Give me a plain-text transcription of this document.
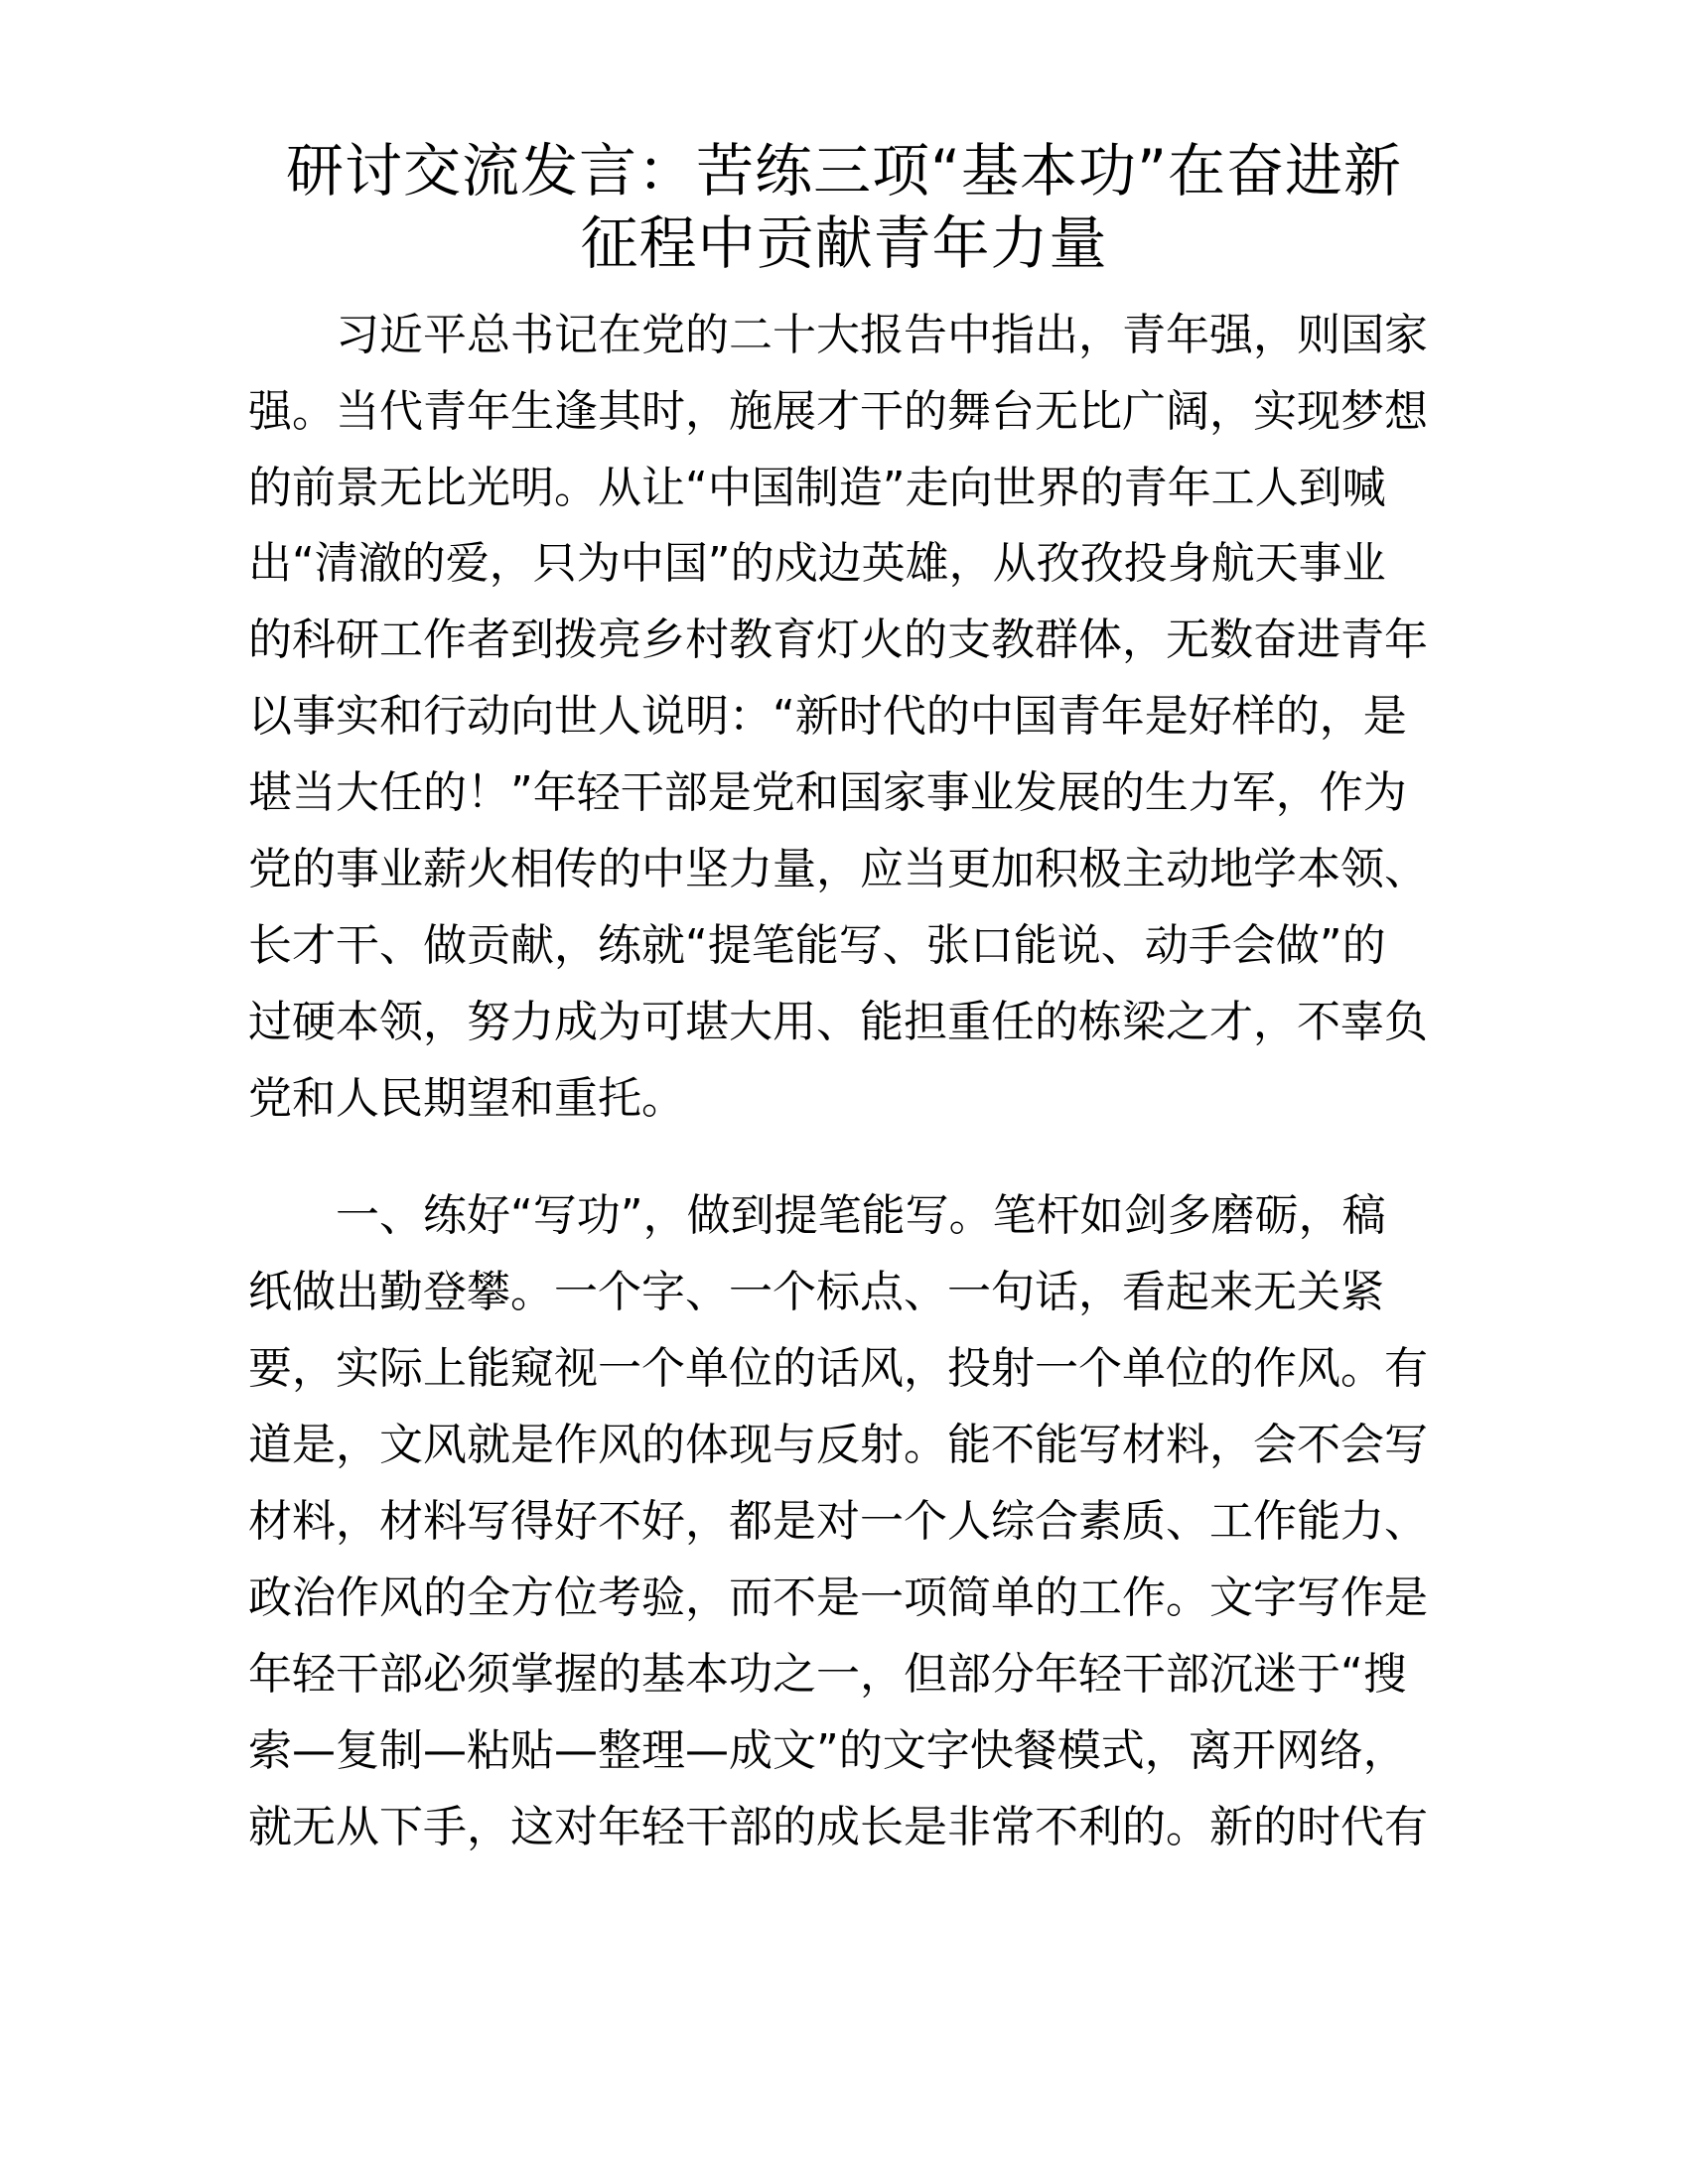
研讨交流发言：苦练三项“基本功”在奋进新
征程中贡献青年力量
习近平总书记在党的二十大报告中指出，青年强，则国家
强。当代青年生逢其时，施展才干的舞台无比广阔，实现梦想
的前景无比光明。从让“中国制造”走向世界的青年工人到喊
出“清澈的爱，只为中国”的戍边英雄，从孜孜投身航天事业
的科研工作者到拨亮乡村教育灯火的支教群体，无数奋进青年
以事实和行动向世人说明：“新时代的中国青年是好样的，是
堪当大任的！”年轻干部是党和国家事业发展的生力军，作为
党的事业薪火相传的中坚力量，应当更加积极主动地学本领、
长才干、做贡献，练就“提笔能写、张口能说、动手会做”的
过硬本领，努力成为可堪大用、能担重任的栋梁之才，不辜负
党和人民期望和重托。
一、练好“写功”，做到提笔能写。笔杆如剑多磨砺，稿
纸做出勤登攀。一个字、一个标点、一句话，看起来无关紧
要，实际上能窥视一个单位的话风，投射一个单位的作风。有
道是，文风就是作风的体现与反射。能不能写材料，会不会写
材料，材料写得好不好，都是对一个人综合素质、工作能力、
政治作风的全方位考验，而不是一项简单的工作。文字写作是
年轻干部必须掌握的基本功之一，但部分年轻干部沉迷于“搜
索—复制—粘贴—整理—成文”的文字快餐模式，离开网络，
就无从下手，这对年轻干部的成长是非常不利的。新的时代有
